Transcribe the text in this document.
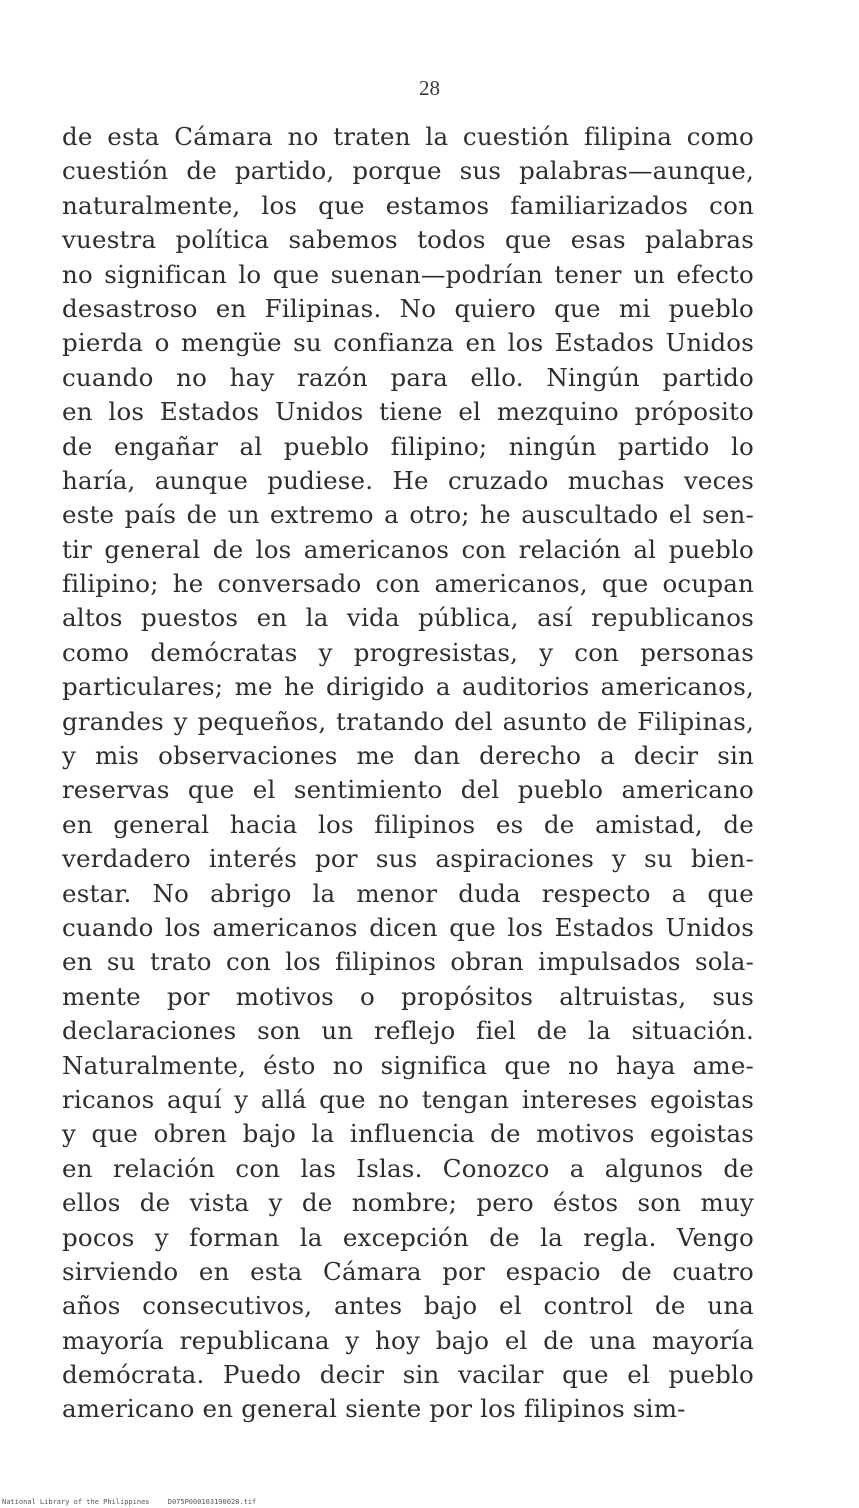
28
de esta Cámara no traten la cuestión filipina como
cuestión de partido, porque sus palabras—aunque,
naturalmente, los que estamos familiarizados con
vuestra política sabemos todos que esas palabras
no significan lo que suenan—podrían tener un efecto
desastroso en Filipinas. No quiero que mi pueblo
pierda o mengüe su confianza en los Estados Unidos
cuando no hay razón para ello. Ningún partido
en los Estados Unidos tiene el mezquino próposito
de engañar al pueblo filipino; ningún partido lo
haría, aunque pudiese. He cruzado muchas veces
este país de un extremo a otro; he auscultado el sen-
tir general de los americanos con relación al pueblo
filipino; he conversado con americanos, que ocupan
altos puestos en la vida pública, así republicanos
como demócratas y progresistas, y con personas
particulares; me he dirigido a auditorios americanos,
grandes y pequeños, tratando del asunto de Filipinas,
y mis observaciones me dan derecho a decir sin
reservas que el sentimiento del pueblo americano
en general hacia los filipinos es de amistad, de
verdadero interés por sus aspiraciones y su bien-
estar. No abrigo la menor duda respecto a que
cuando los americanos dicen que los Estados Unidos
en su trato con los filipinos obran impulsados sola-
mente por motivos o propósitos altruistas, sus
declaraciones son un reflejo fiel de la situación.
Naturalmente, ésto no significa que no haya ame-
ricanos aquí y allá que no tengan intereses egoistas
y que obren bajo la influencia de motivos egoistas
en relación con las Islas. Conozco a algunos de
ellos de vista y de nombre; pero éstos son muy
pocos y forman la excepción de la regla. Vengo
sirviendo en esta Cámara por espacio de cuatro
años consecutivos, antes bajo el control de una
mayoría republicana y hoy bajo el de una mayoría
demócrata. Puedo decir sin vacilar que el pueblo
americano en general siente por los filipinos sim-
National Library of the Philippines	D075P000103190028.tif
